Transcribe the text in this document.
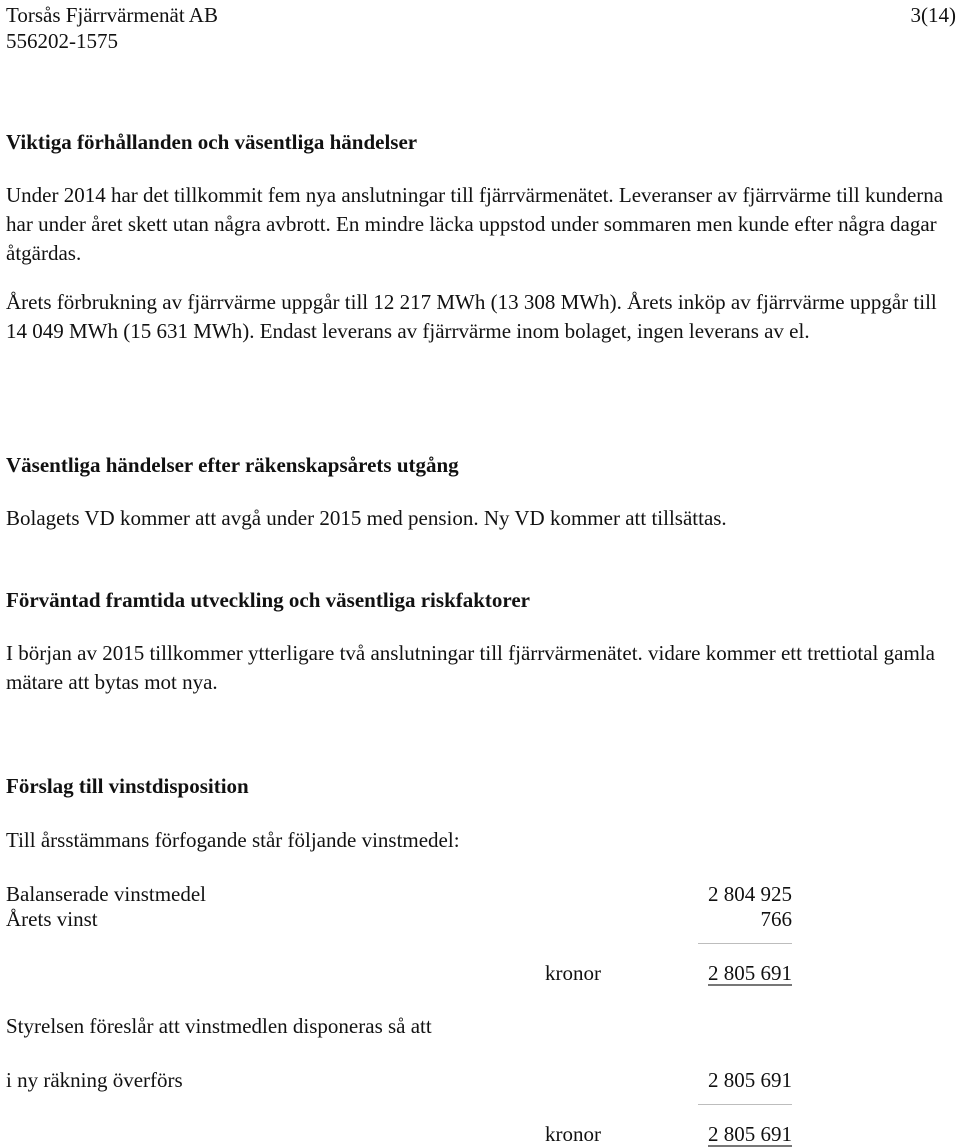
Torsås Fjärrvärmenät AB
556202-1575
3(14)
Viktiga förhållanden och väsentliga händelser
Under 2014 har det tillkommit fem nya anslutningar till fjärrvärmenätet. Leveranser av fjärrvärme till kunderna har under året skett utan några avbrott. En mindre läcka uppstod under sommaren men kunde efter några dagar åtgärdas.
Årets förbrukning av fjärrvärme uppgår till 12 217 MWh (13 308 MWh). Årets inköp av fjärrvärme uppgår till 14 049 MWh (15 631 MWh). Endast leverans av fjärrvärme inom bolaget, ingen leverans av el.
Väsentliga händelser efter räkenskapsårets utgång
Bolagets VD kommer att avgå under 2015 med pension. Ny VD kommer att tillsättas.
Förväntad framtida utveckling och väsentliga riskfaktorer
I början av 2015 tillkommer ytterligare två anslutningar till fjärrvärmenätet. vidare kommer ett trettiotal gamla mätare att bytas mot nya.
Förslag till vinstdisposition
Till årsstämmans förfogande står följande vinstmedel:
Balanserade vinstmedel	2 804 925
Årets vinst	766
kronor	2 805 691
Styrelsen föreslår att vinstmedlen disponeras så att
i ny räkning överförs	2 805 691
kronor	2 805 691
